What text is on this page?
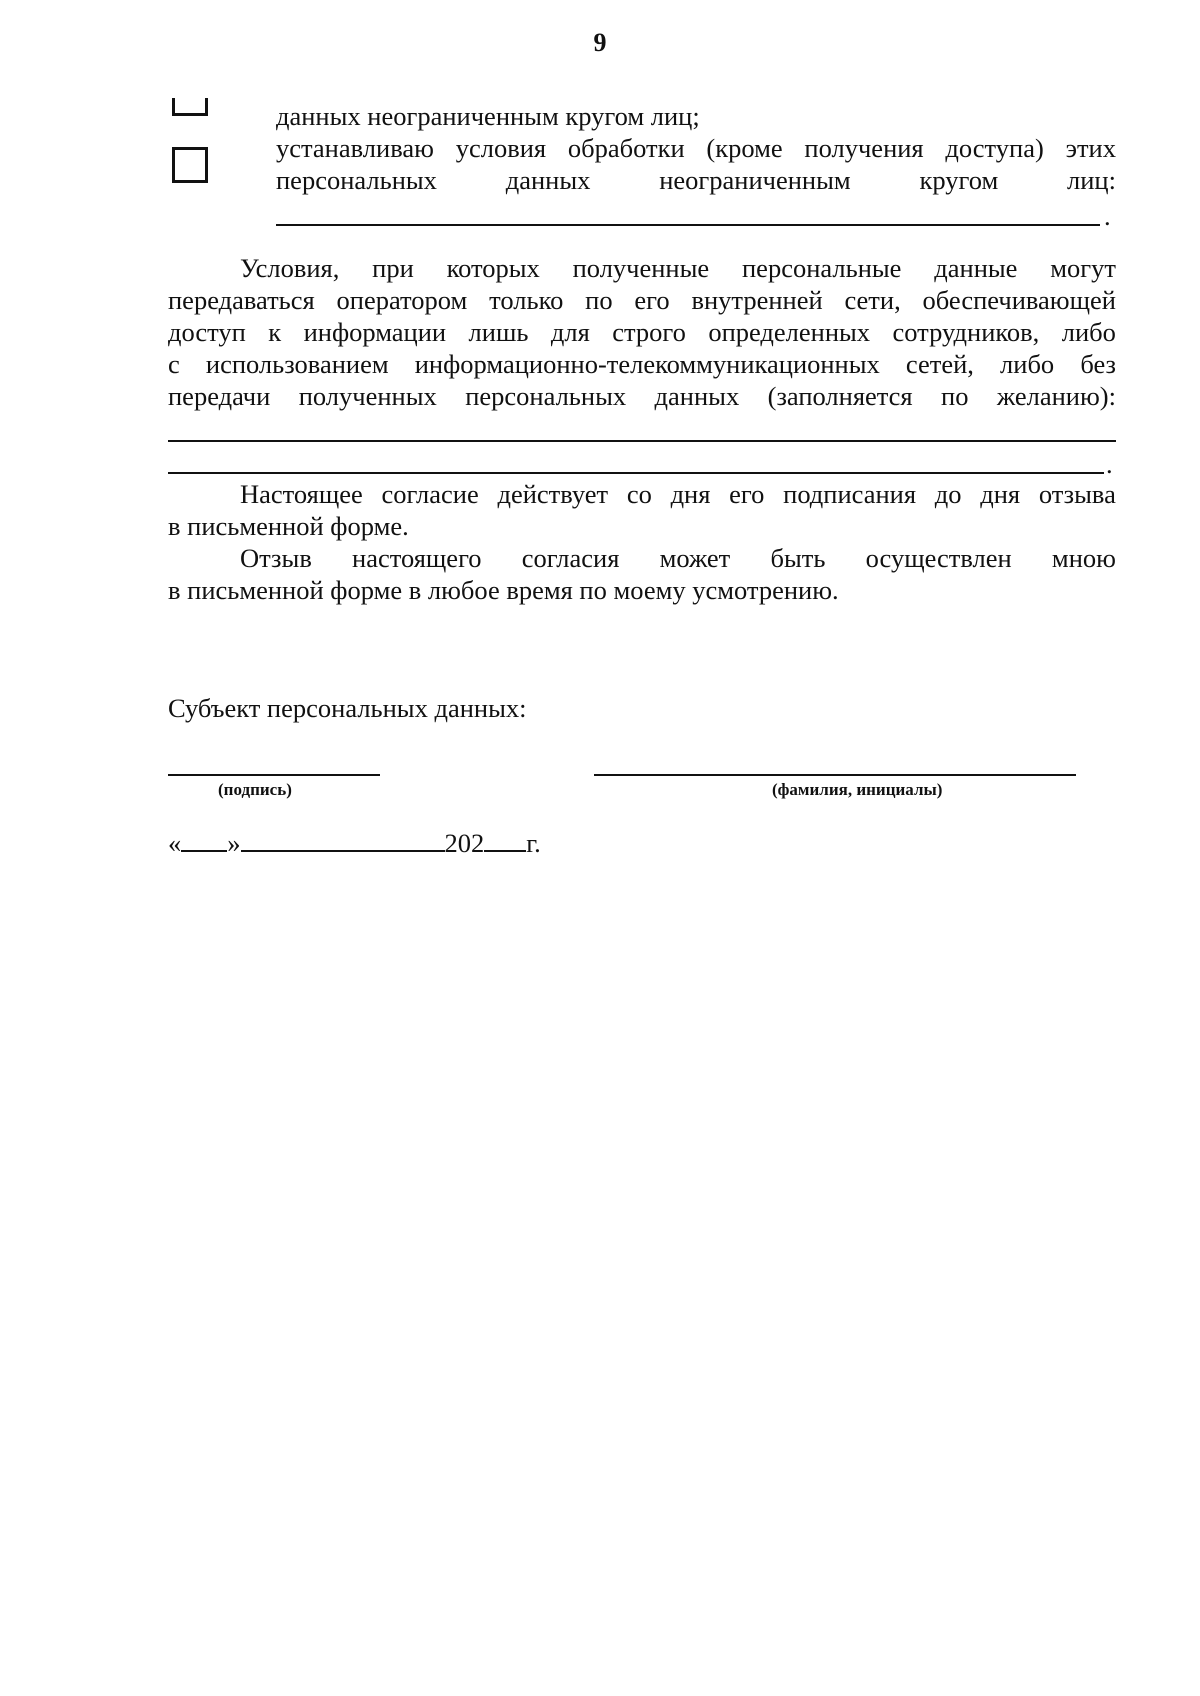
9
данных неограниченным кругом лиц;
устанавливаю условия обработки (кроме получения доступа) этих
персональных	данных	неограниченным	кругом	лиц:
.
Условия, при которых полученные персональные данные могут
передаваться оператором только по его внутренней сети, обеспечивающей
доступ к информации лишь для строго определенных сотрудников, либо
с использованием информационно-телекоммуникационных сетей, либо без
передачи полученных персональных данных (заполняется по желанию):
.
Настоящее согласие действует со дня его подписания до дня отзыва
в письменной форме.
Отзыв настоящего согласия может быть осуществлен мною
в письменной форме в любое время по моему усмотрению.
Субъект персональных данных:
(подпись)	(фамилия, инициалы)
« »	202 г.
